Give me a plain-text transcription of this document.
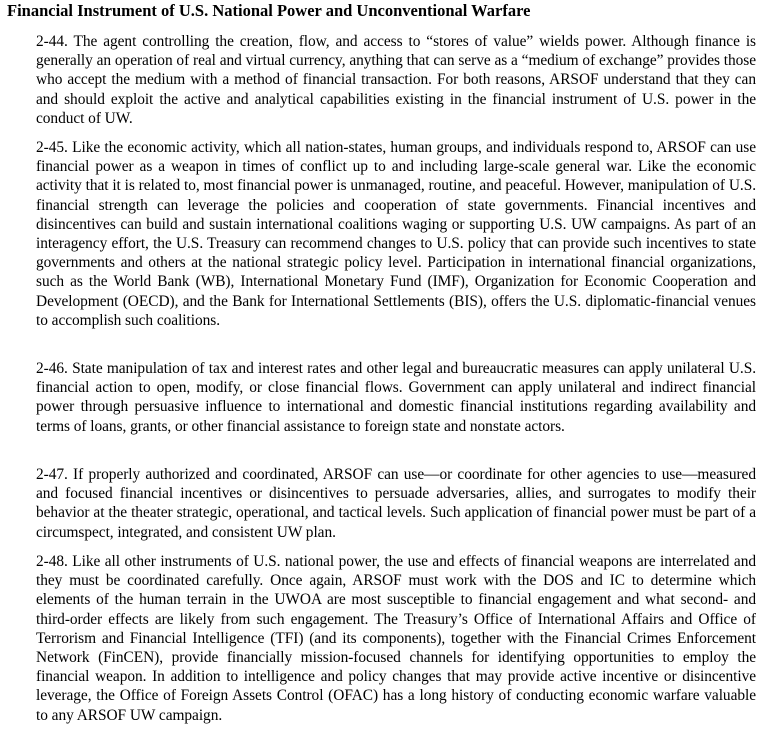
Financial Instrument of U.S. National Power and Unconventional Warfare

2-44. The agent controlling the creation, flow, and access to “stores of value” wields power. Although finance is generally an operation of real and virtual currency, anything that can serve as a “medium of exchange” provides those who accept the medium with a method of financial transaction. For both reasons, ARSOF understand that they can and should exploit the active and analytical capabilities existing in the financial instrument of U.S. power in the conduct of UW.

2-45. Like the economic activity, which all nation-states, human groups, and individuals respond to, ARSOF can use financial power as a weapon in times of conflict up to and including large-scale general war. Like the economic activity that it is related to, most financial power is unmanaged, routine, and peaceful. However, manipulation of U.S. financial strength can leverage the policies and cooperation of state governments. Financial incentives and disincentives can build and sustain international coalitions waging or supporting U.S. UW campaigns. As part of an interagency effort, the U.S. Treasury can recommend changes to U.S. policy that can provide such incentives to state governments and others at the national strategic policy level. Participation in international financial organizations, such as the World Bank (WB), International Monetary Fund (IMF), Organization for Economic Cooperation and Development (OECD), and the Bank for International Settlements (BIS), offers the U.S. diplomatic-financial venues to accomplish such coalitions.

2-46. State manipulation of tax and interest rates and other legal and bureaucratic measures can apply unilateral U.S. financial action to open, modify, or close financial flows. Government can apply unilateral and indirect financial power through persuasive influence to international and domestic financial institutions regarding availability and terms of loans, grants, or other financial assistance to foreign state and nonstate actors.

2-47. If properly authorized and coordinated, ARSOF can use—or coordinate for other agencies to use—measured and focused financial incentives or disincentives to persuade adversaries, allies, and surrogates to modify their behavior at the theater strategic, operational, and tactical levels. Such application of financial power must be part of a circumspect, integrated, and consistent UW plan.

2-48. Like all other instruments of U.S. national power, the use and effects of financial weapons are interrelated and they must be coordinated carefully. Once again, ARSOF must work with the DOS and IC to determine which elements of the human terrain in the UWOA are most susceptible to financial engagement and what second- and third-order effects are likely from such engagement. The Treasury’s Office of International Affairs and Office of Terrorism and Financial Intelligence (TFI) (and its components), together with the Financial Crimes Enforcement Network (FinCEN), provide financially mission-focused channels for identifying opportunities to employ the financial weapon. In addition to intelligence and policy changes that may provide active incentive or disincentive leverage, the Office of Foreign Assets Control (OFAC) has a long history of conducting economic warfare valuable to any ARSOF UW campaign.
